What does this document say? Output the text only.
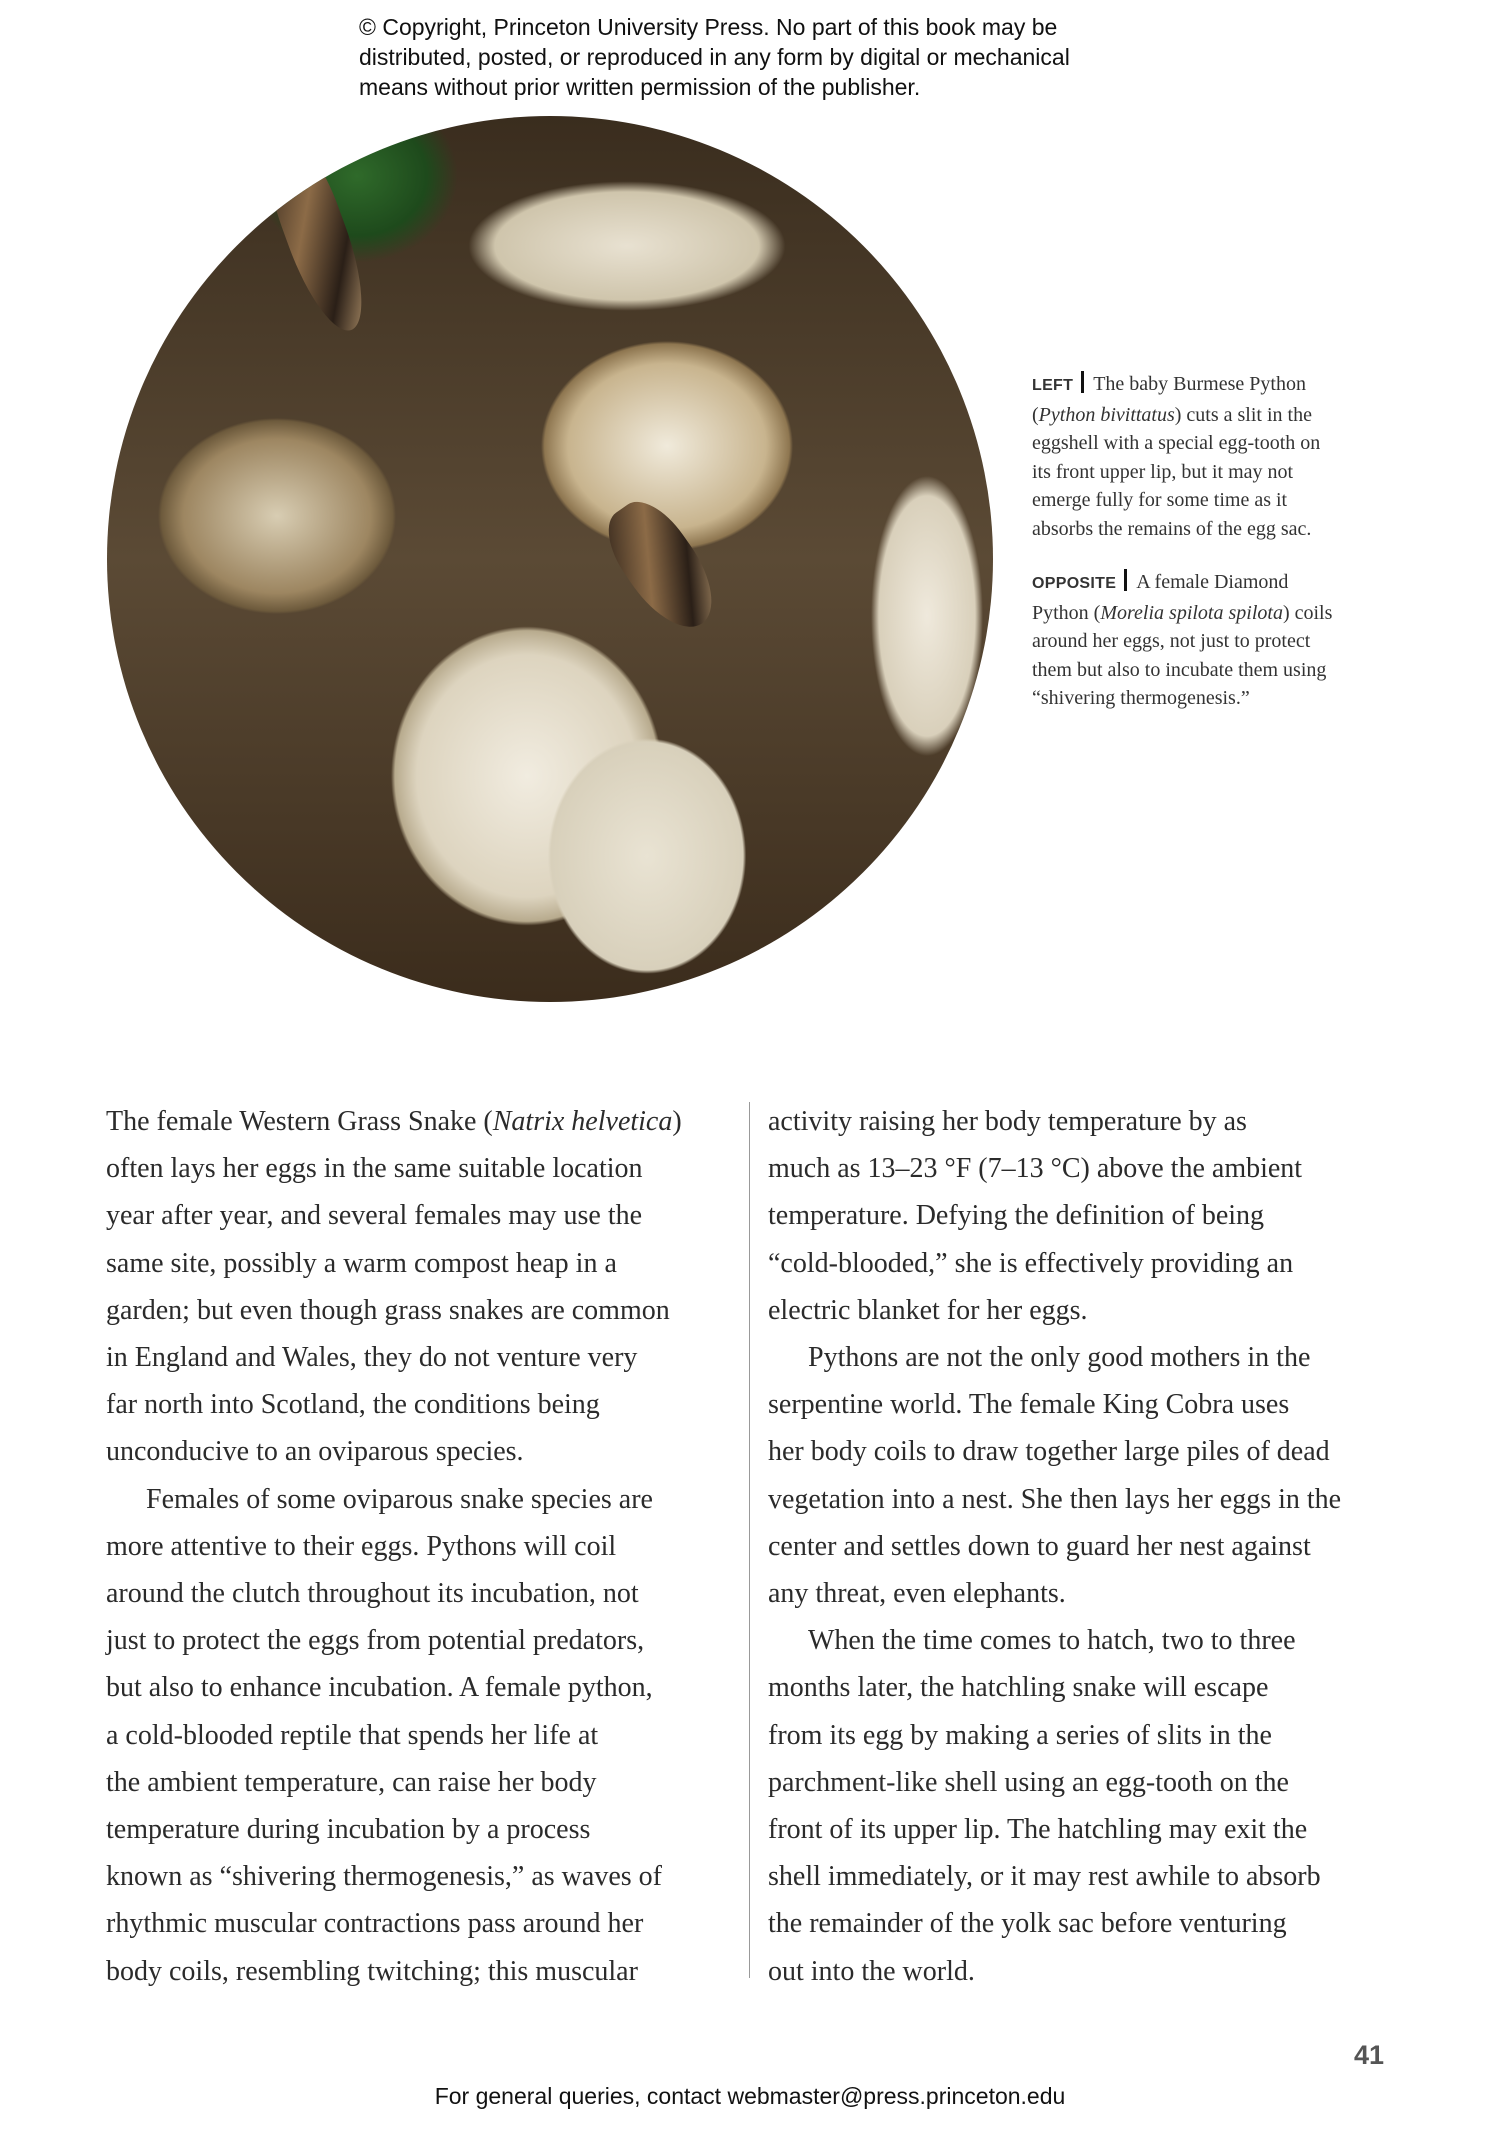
© Copyright, Princeton University Press. No part of this book may be
distributed, posted, or reproduced in any form by digital or mechanical
means without prior written permission of the publisher.
LEFT The baby Burmese Python
(Python bivittatus) cuts a slit in the
eggshell with a special egg-tooth on
its front upper lip, but it may not
emerge fully for some time as it
absorbs the remains of the egg sac.
OPPOSITE A female Diamond
Python (Morelia spilota spilota) coils
around her eggs, not just to protect
them but also to incubate them using
“shivering thermogenesis.”
The female Western Grass Snake (Natrix helvetica)
often lays her eggs in the same suitable location
year after year, and several females may use the
same site, possibly a warm compost heap in a
garden; but even though grass snakes are common
in England and Wales, they do not venture very
far north into Scotland, the conditions being
unconducive to an oviparous species.
Females of some oviparous snake species are
more attentive to their eggs. Pythons will coil
around the clutch throughout its incubation, not
just to protect the eggs from potential predators,
but also to enhance incubation. A female python,
a cold-blooded reptile that spends her life at
the ambient temperature, can raise her body
temperature during incubation by a process
known as “shivering thermogenesis,” as waves of
rhythmic muscular contractions pass around her
body coils, resembling twitching; this muscular
activity raising her body temperature by as
much as 13–23 °F (7–13 °C) above the ambient
temperature. Defying the definition of being
“cold-blooded,” she is effectively providing an
electric blanket for her eggs.
Pythons are not the only good mothers in the
serpentine world. The female King Cobra uses
her body coils to draw together large piles of dead
vegetation into a nest. She then lays her eggs in the
center and settles down to guard her nest against
any threat, even elephants.
When the time comes to hatch, two to three
months later, the hatchling snake will escape
from its egg by making a series of slits in the
parchment-like shell using an egg-tooth on the
front of its upper lip. The hatchling may exit the
shell immediately, or it may rest awhile to absorb
the remainder of the yolk sac before venturing
out into the world.
41
For general queries, contact webmaster@press.princeton.edu
